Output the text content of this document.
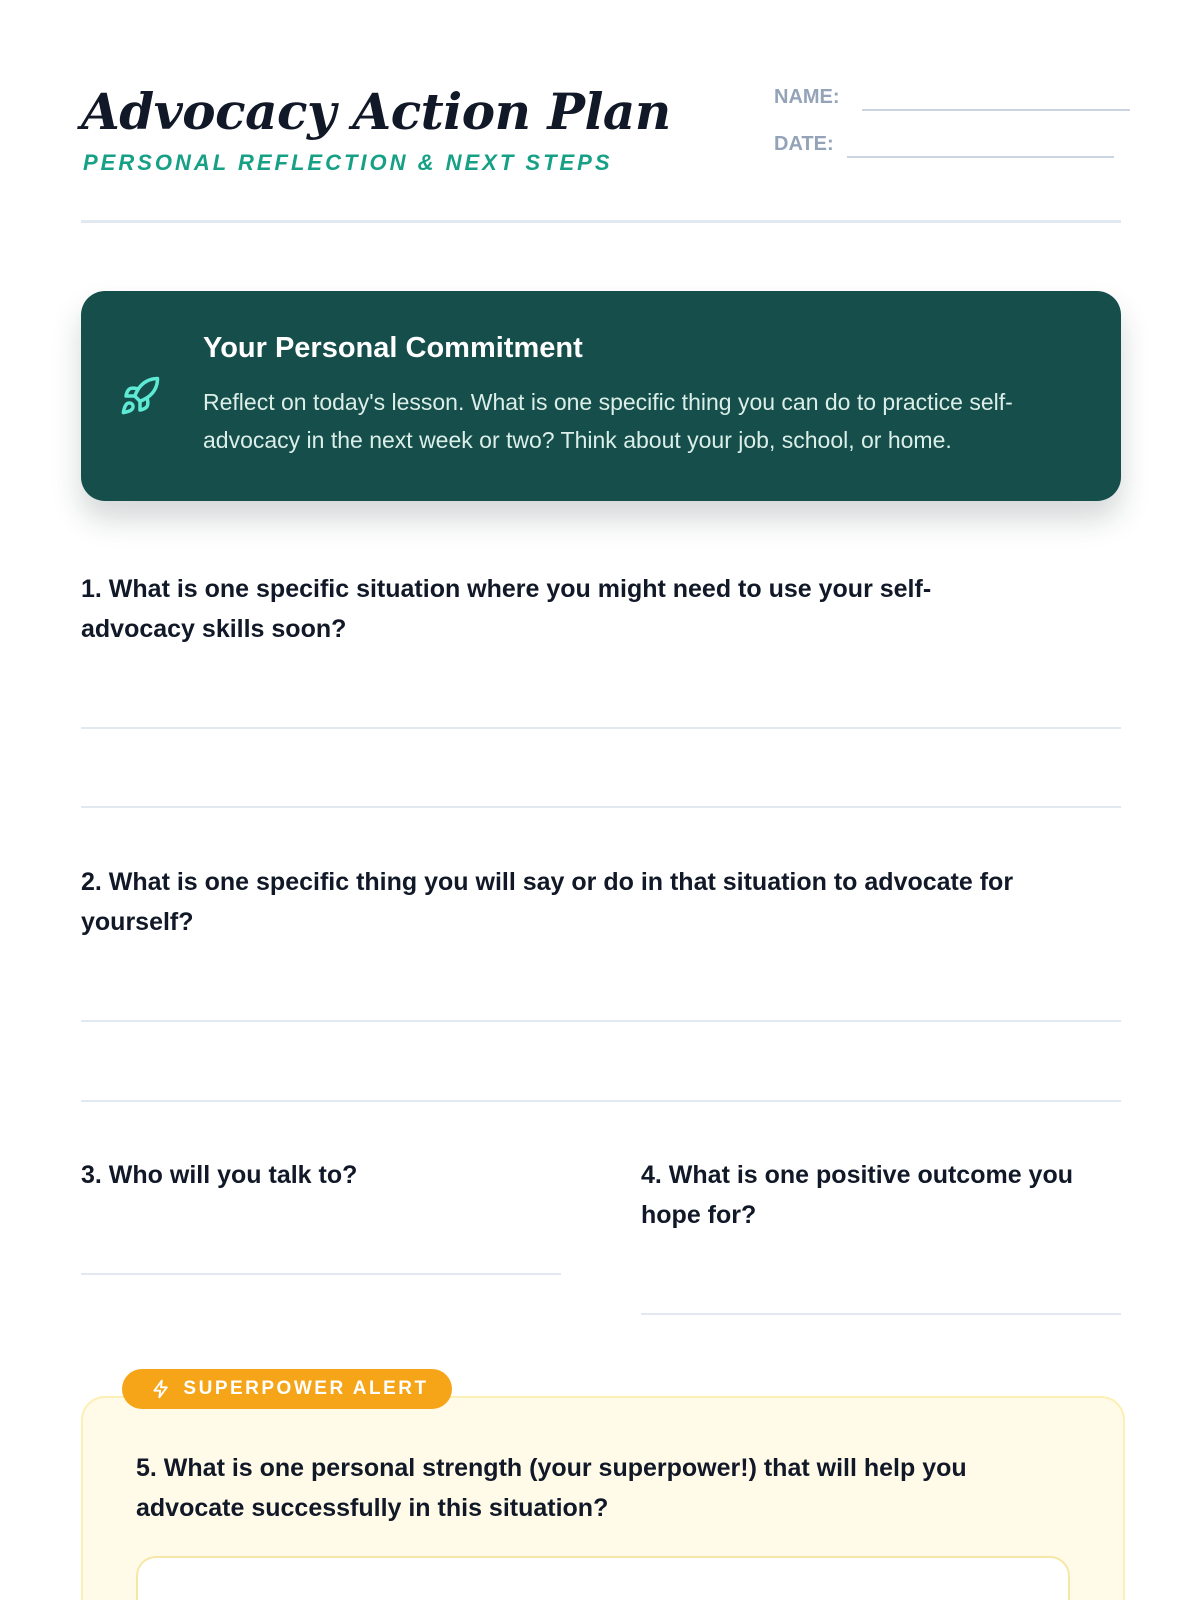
Advocacy Action Plan
PERSONAL REFLECTION & NEXT STEPS
NAME:
DATE:
Your Personal Commitment

Reflect on today's lesson. What is one specific thing you can do to practice self-advocacy in the next week or two? Think about your job, school, or home.

1. What is one specific situation where you might need to use your self-advocacy skills soon?

2. What is one specific thing you will say or do in that situation to advocate for yourself?

3. Who will you talk to?	4. What is one positive outcome you hope for?

SUPERPOWER ALERT

5. What is one personal strength (your superpower!) that will help you advocate successfully in this situation?
